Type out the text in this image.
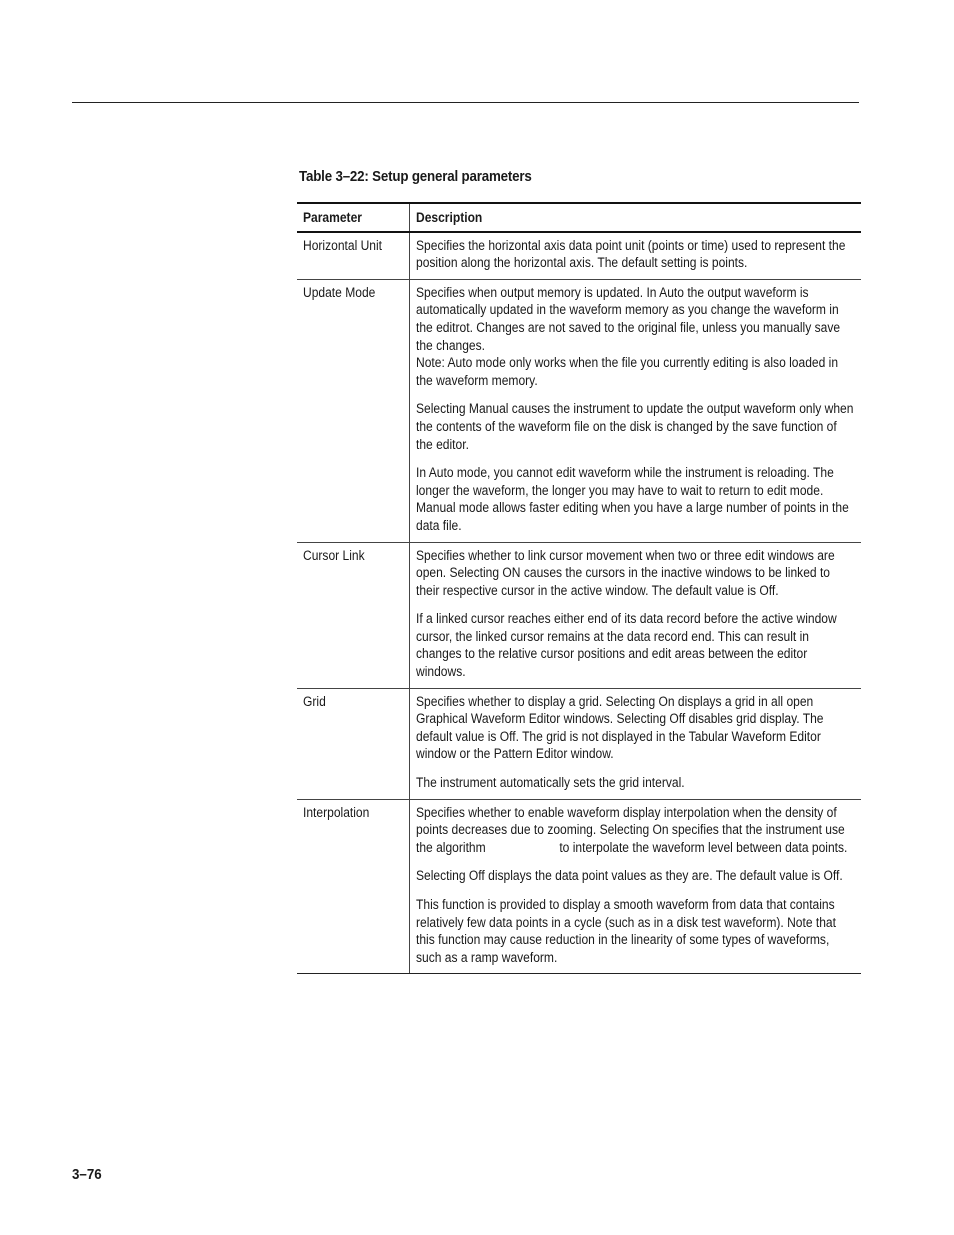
Table 3–22: Setup general parameters
Parameter	Description

Horizontal Unit	Specifies the horizontal axis data point unit (points or time) used to represent the position along the horizontal axis. The default setting is points.

Update Mode	Specifies when output memory is updated. In Auto the output waveform is automatically updated in the waveform memory as you change the waveform in the editrot. Changes are not saved to the original file, unless you manually save the changes.
Note: Auto mode only works when the file you currently editing is also loaded in the waveform memory.
Selecting Manual causes the instrument to update the output waveform only when the contents of the waveform file on the disk is changed by the save function of the editor.
In Auto mode, you cannot edit waveform while the instrument is reloading. The longer the waveform, the longer you may have to wait to return to edit mode. Manual mode allows faster editing when you have a large number of points in the data file.

Cursor Link	Specifies whether to link cursor movement when two or three edit windows are open. Selecting ON causes the cursors in the inactive windows to be linked to their respective cursor in the active window. The default value is Off.
If a linked cursor reaches either end of its data record before the active window cursor, the linked cursor remains at the data record end. This can result in changes to the relative cursor positions and edit areas between the editor windows.

Grid	Specifies whether to display a grid. Selecting On displays a grid in all open Graphical Waveform Editor windows. Selecting Off disables grid display. The default value is Off. The grid is not displayed in the Tabular Waveform Editor window or the Pattern Editor window.
The instrument automatically sets the grid interval.

Interpolation	Specifies whether to enable waveform display interpolation when the density of points decreases due to zooming. Selecting On specifies that the instrument use the algorithm                      to interpolate the waveform level between data points.
Selecting Off displays the data point values as they are. The default value is Off.
This function is provided to display a smooth waveform from data that contains relatively few data points in a cycle (such as in a disk test waveform). Note that this function may cause reduction in the linearity of some types of waveforms, such as a ramp waveform.
3–76
